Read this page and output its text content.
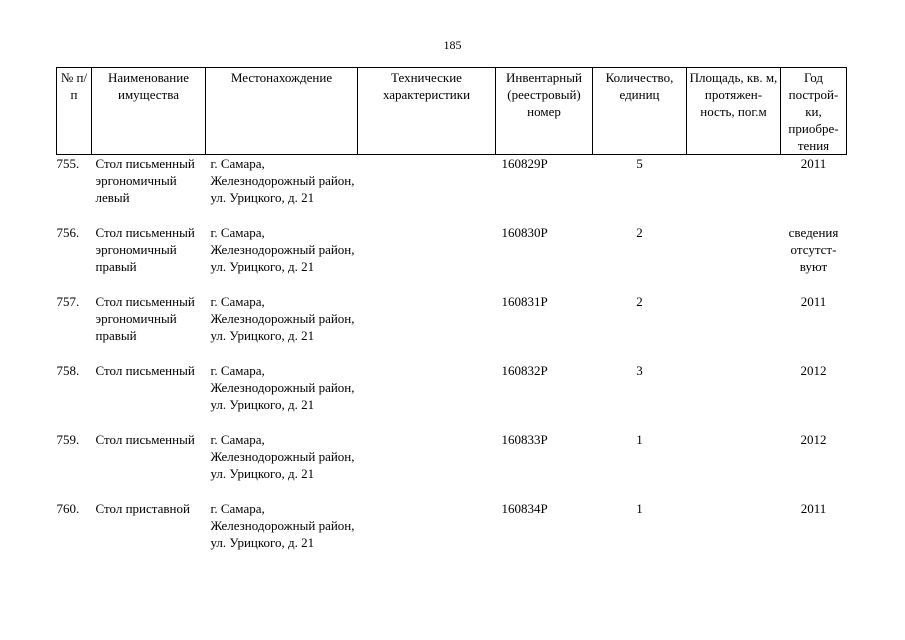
185
№ п/п	Наименование имущества	Местонахождение	Технические характеристики	Инвентарный (реестровый) номер	Количество, единиц	Площадь, кв. м, протяжен-ность, пог.м	Год построй-ки, приобре-тения
755.	Стол письменный эргономичный левый	г. Самара, Железнодорожный район, ул. Урицкого, д. 21		160829Р	5		2011
756.	Стол письменный эргономичный правый	г. Самара, Железнодорожный район, ул. Урицкого, д. 21		160830Р	2		сведения отсутст-вуют
757.	Стол письменный эргономичный правый	г. Самара, Железнодорожный район, ул. Урицкого, д. 21		160831Р	2		2011
758.	Стол письменный	г. Самара, Железнодорожный район, ул. Урицкого, д. 21		160832Р	3		2012
759.	Стол письменный	г. Самара, Железнодорожный район, ул. Урицкого, д. 21		160833Р	1		2012
760.	Стол приставной	г. Самара, Железнодорожный район, ул. Урицкого, д. 21		160834Р	1		2011
